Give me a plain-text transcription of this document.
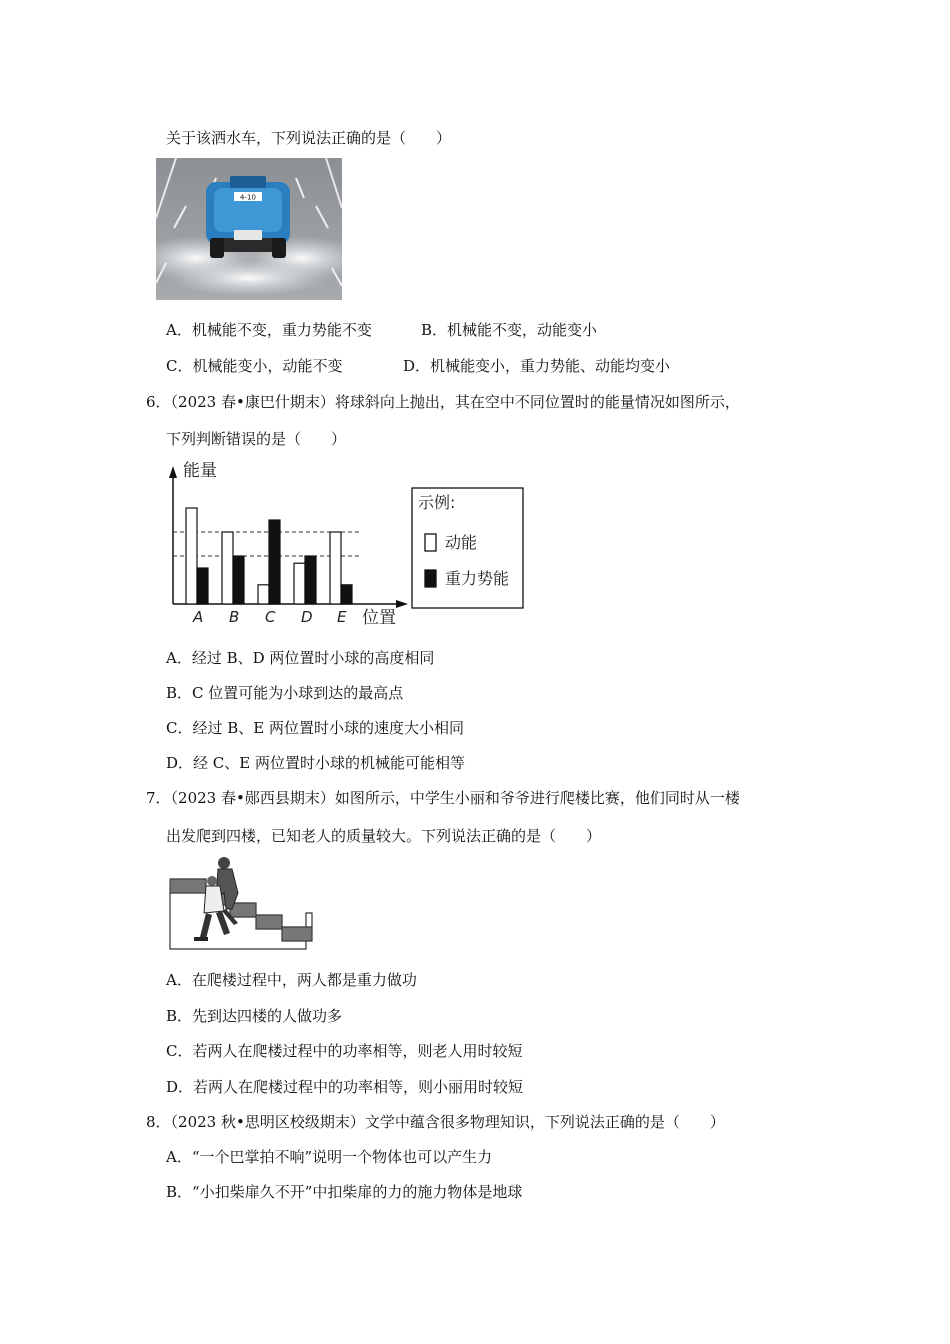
关于该洒水车，下列说法正确的是（　　）
4-10
A．机械能不变，重力势能不变	B．机械能不变，动能变小
C．机械能变小，动能不变	D．机械能变小，重力势能、动能均变小
6．（2023 春•康巴什期末）将球斜向上抛出，其在空中不同位置时的能量情况如图所示，
下列判断错误的是（　　）
能量
位置
A B C D E
示例:
动能
重力势能
A．经过 B、D 两位置时小球的高度相同
B．C 位置可能为小球到达的最高点
C．经过 B、E 两位置时小球的速度大小相同
D．经 C、E 两位置时小球的机械能可能相等
7．（2023 春•郧西县期末）如图所示，中学生小丽和爷爷进行爬楼比赛，他们同时从一楼
出发爬到四楼，已知老人的质量较大。下列说法正确的是（　　）
A．在爬楼过程中，两人都是重力做功
B．先到达四楼的人做功多
C．若两人在爬楼过程中的功率相等，则老人用时较短
D．若两人在爬楼过程中的功率相等，则小丽用时较短
8．（2023 秋•思明区校级期末）文学中蕴含很多物理知识，下列说法正确的是（　　）
A．“一个巴掌拍不响”说明一个物体也可以产生力
B．“小扣柴扉久不开”中扣柴扉的力的施力物体是地球
